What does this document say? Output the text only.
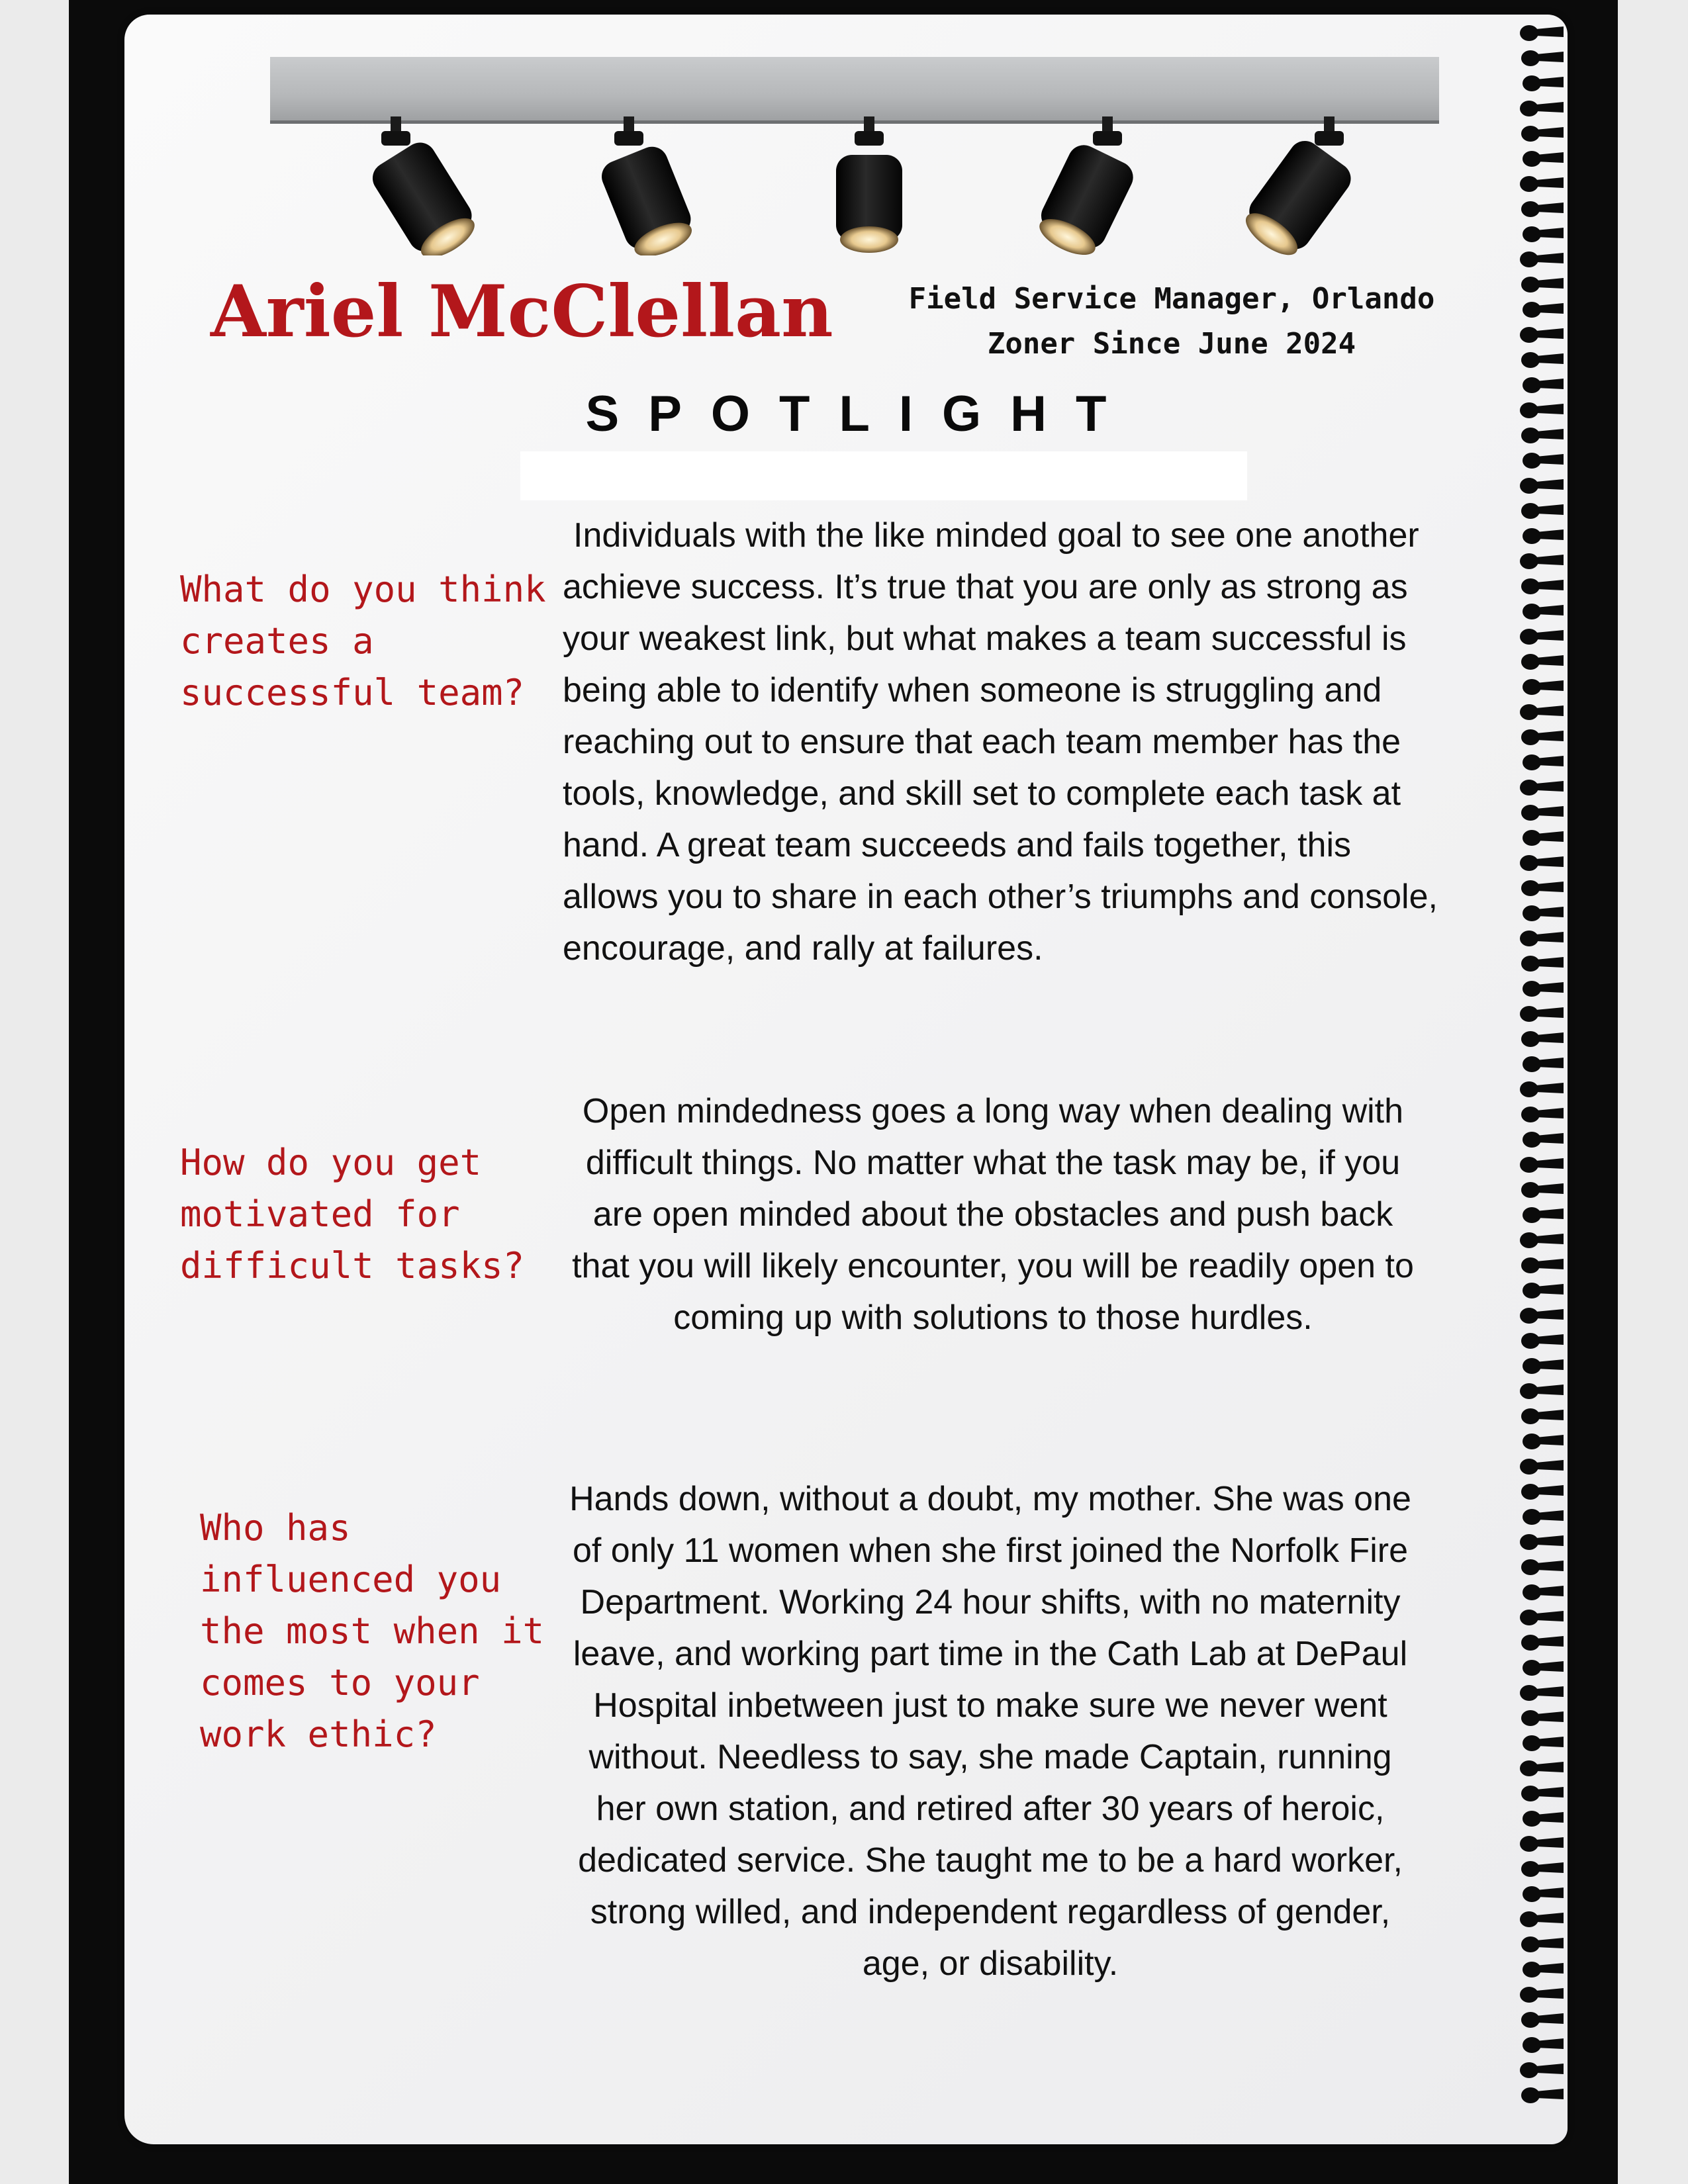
Ariel McClellan	Field Service Manager, Orlando
Zoner Since June 2024
SPOTLIGHT
What do you think creates a successful team?
Individuals with the like minded goal to see one another achieve success. It’s true that you are only as strong as your weakest link, but what makes a team successful is being able to identify when someone is struggling and reaching out to ensure that each team member has the tools, knowledge, and skill set to complete each task at hand. A great team succeeds and fails together, this allows you to share in each other’s triumphs and console, encourage, and rally at failures.
How do you get motivated for difficult tasks?
Open mindedness goes a long way when dealing with difficult things. No matter what the task may be, if you are open minded about the obstacles and push back that you will likely encounter, you will be readily open to coming up with solutions to those hurdles.
Who has influenced you the most when it comes to your work ethic?
Hands down, without a doubt, my mother. She was one of only 11 women when she first joined the Norfolk Fire Department. Working 24 hour shifts, with no maternity leave, and working part time in the Cath Lab at DePaul Hospital inbetween just to make sure we never went without. Needless to say, she made Captain, running her own station, and retired after 30 years of heroic, dedicated service. She taught me to be a hard worker, strong willed, and independent regardless of gender, age, or disability.
